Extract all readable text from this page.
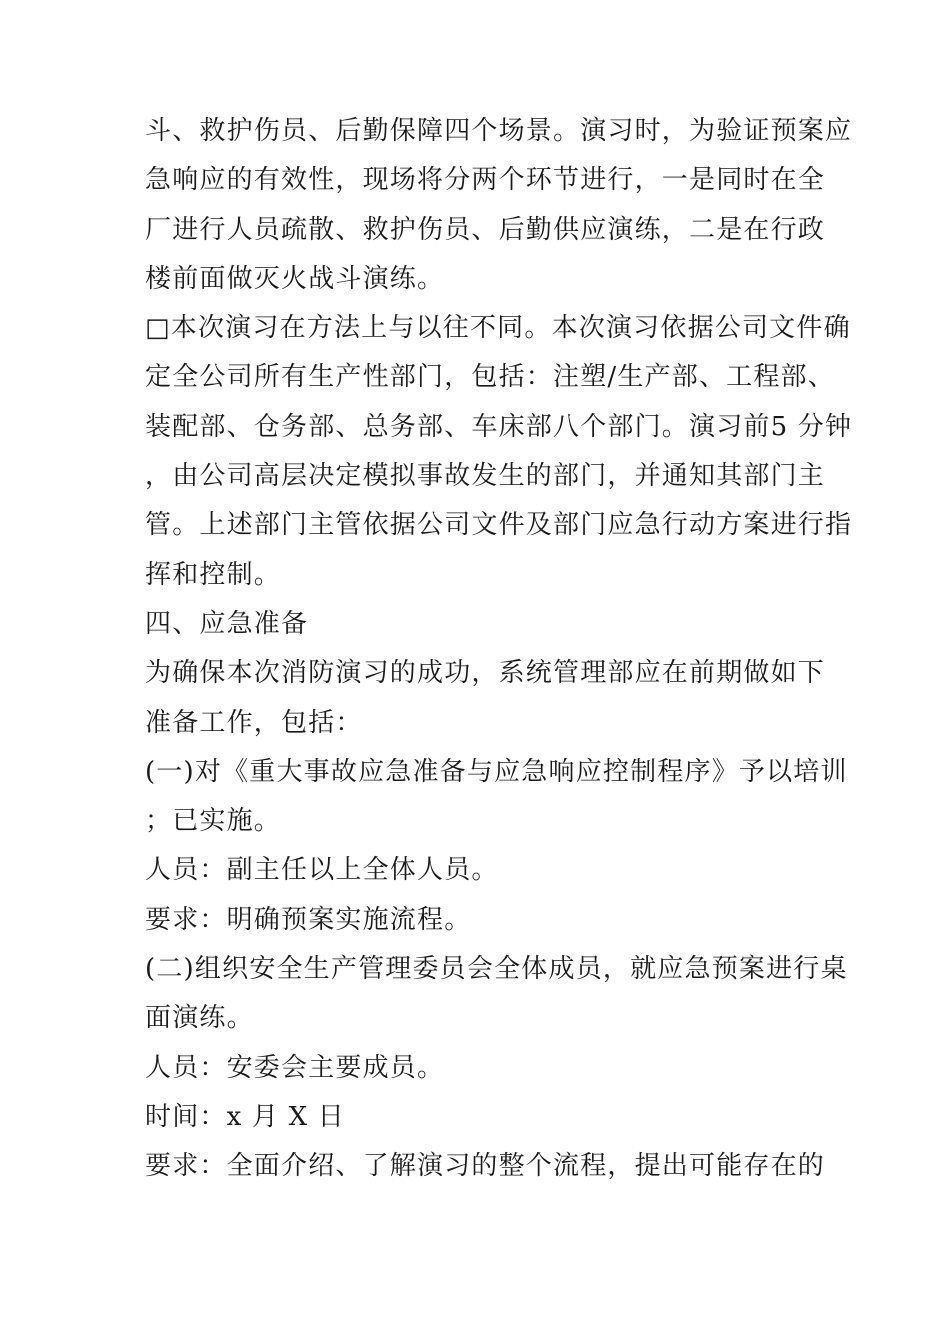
斗、救护伤员、后勤保障四个场景。演习时，为验证预案应
急响应的有效性，现场将分两个环节进行，一是同时在全
厂进行人员疏散、救护伤员、后勤供应演练，二是在行政
楼前面做灭火战斗演练。
□本次演习在方法上与以往不同。本次演习依据公司文件确
定全公司所有生产性部门，包括：注塑/生产部、工程部、
装配部、仓务部、总务部、车床部八个部门。演习前5 分钟
，由公司高层决定模拟事故发生的部门，并通知其部门主
管。上述部门主管依据公司文件及部门应急行动方案进行指
挥和控制。
四、应急准备
为确保本次消防演习的成功，系统管理部应在前期做如下
准备工作，包括：
(一)对《重大事故应急准备与应急响应控制程序》予以培训
；已实施。
人员：副主任以上全体人员。
要求：明确预案实施流程。
(二)组织安全生产管理委员会全体成员，就应急预案进行桌
面演练。
人员：安委会主要成员。
时间：x 月 X 日
要求：全面介绍、了解演习的整个流程，提出可能存在的
